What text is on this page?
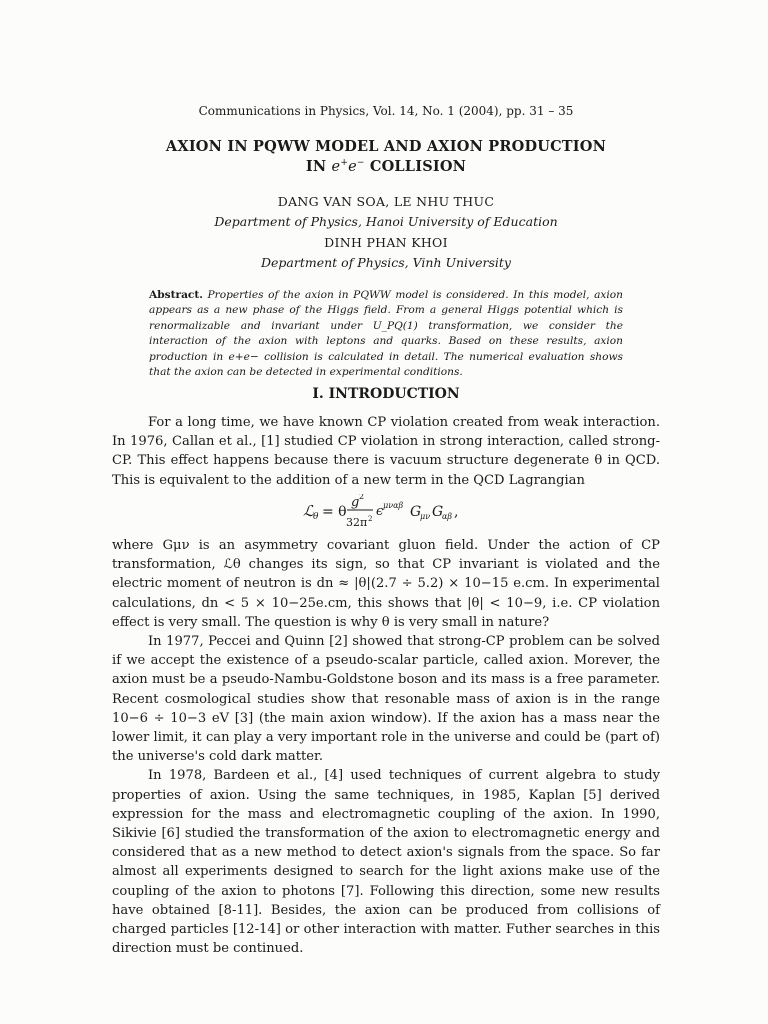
Communications in Physics, Vol. 14, No. 1 (2004), pp. 31 – 35
AXION IN PQWW MODEL AND AXION PRODUCTION
IN e+e− COLLISION
DANG VAN SOA, LE NHU THUC
Department of Physics, Hanoi University of Education
DINH PHAN KHOI
Department of Physics, Vinh University
Abstract. Properties of the axion in PQWW model is considered. In this model, axion appears as a new phase of the Higgs field. From a general Higgs potential which is renormalizable and invariant under U_PQ(1) transformation, we consider the interaction of the axion with leptons and quarks. Based on these results, axion production in e+e− collision is calculated in detail. The numerical evaluation shows that the axion can be detected in experimental conditions.
I. INTRODUCTION

For a long time, we have known CP violation created from weak interaction. In 1976, Callan et al., [1] studied CP violation in strong interaction, called strong-CP. This effect happens because there is vacuum structure degenerate θ in QCD. This is equivalent to the addition of a new term in the QCD Lagrangian

ℒ θ = θ
g 2
32π 2 ϵ μναβ G
μν G
αβ ,

where Gμν is an asymmetry covariant gluon field. Under the action of CP transformation, ℒθ changes its sign, so that CP invariant is violated and the electric moment of neutron is dn ≈ |θ|(2.7 ÷ 5.2) × 10−15 e.cm. In experimental calculations, dn < 5 × 10−25e.cm, this shows that |θ| < 10−9, i.e. CP violation effect is very small. The question is why θ is very small in nature?

In 1977, Peccei and Quinn [2] showed that strong-CP problem can be solved if we accept the existence of a pseudo-scalar particle, called axion. Morever, the axion must be a pseudo-Nambu-Goldstone boson and its mass is a free parameter. Recent cosmological studies show that resonable mass of axion is in the range 10−6 ÷ 10−3 eV [3] (the main axion window). If the axion has a mass near the lower limit, it can play a very important role in the universe and could be (part of) the universe's cold dark matter.

In 1978, Bardeen et al., [4] used techniques of current algebra to study properties of axion. Using the same techniques, in 1985, Kaplan [5] derived expression for the mass and electromagnetic coupling of the axion. In 1990, Sikivie [6] studied the transformation of the axion to electromagnetic energy and considered that as a new method to detect axion's signals from the space. So far almost all experiments designed to search for the light axions make use of the coupling of the axion to photons [7]. Following this direction, some new results have obtained [8-11]. Besides, the axion can be produced from collisions of charged particles [12-14] or other interaction with matter. Futher searches in this direction must be continued.
